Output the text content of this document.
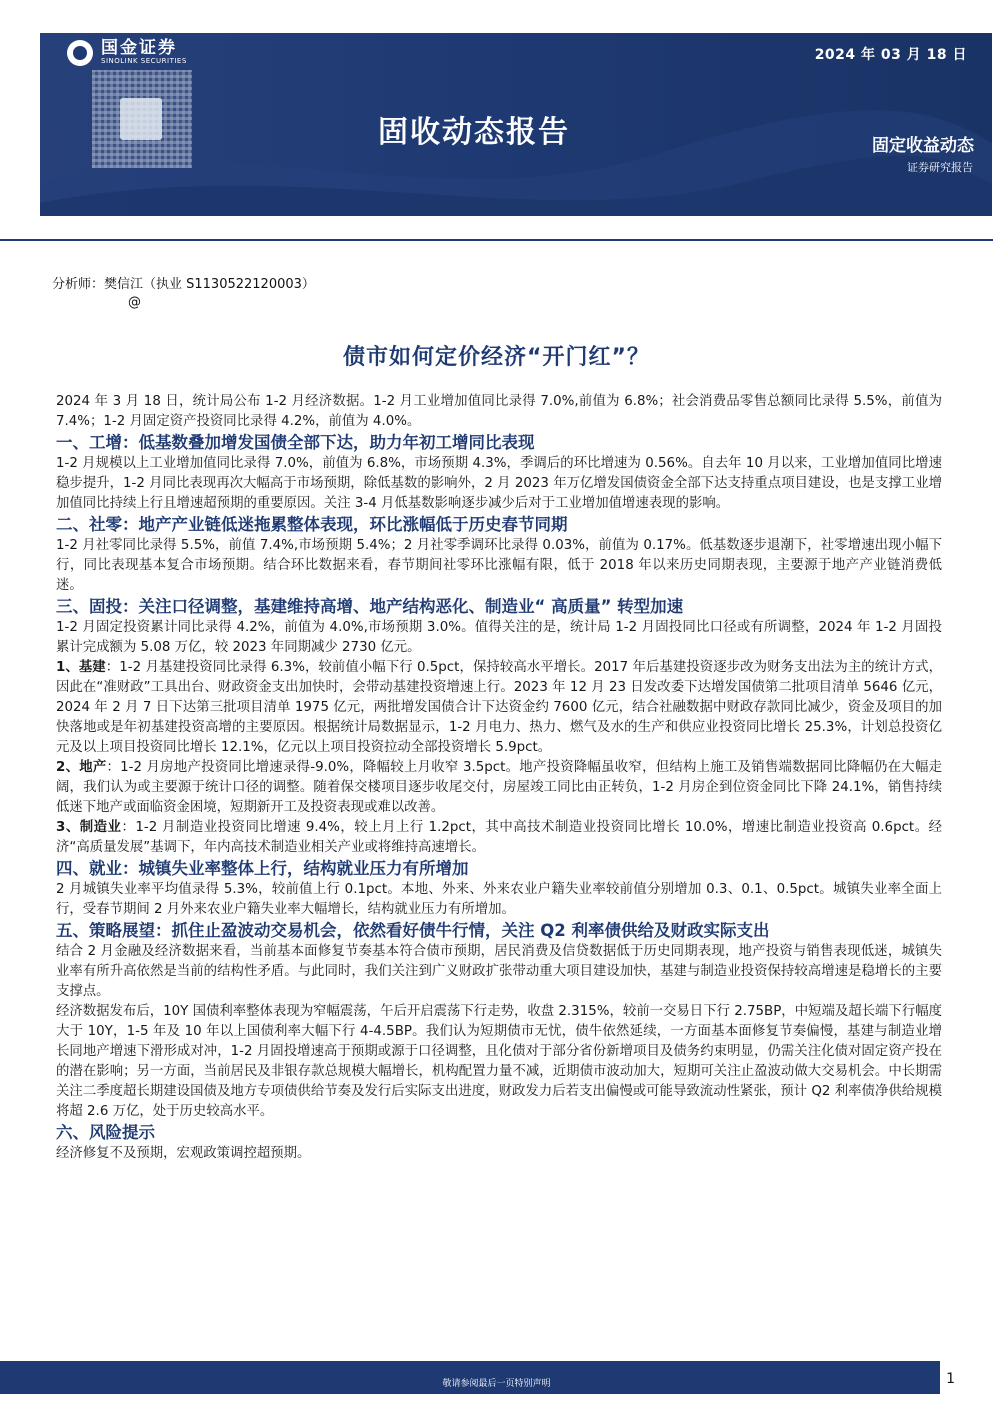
国金证券
SINOLINK SECURITIES	2024 年 03 月 18 日
固收动态报告	固定收益动态
证券研究报告
分析师：樊信江（执业 S1130522120003）
@
债市如何定价经济“开门红”？

2024 年 3 月 18 日，统计局公布 1-2 月经济数据。1-2 月工业增加值同比录得 7.0%,前值为 6.8%；社会消费品零售总额同比录得 5.5%，前值为 7.4%；1-2 月固定资产投资同比录得 4.2%，前值为 4.0%。

一、工增：低基数叠加增发国债全部下达，助力年初工增同比表现

1-2 月规模以上工业增加值同比录得 7.0%，前值为 6.8%，市场预期 4.3%，季调后的环比增速为 0.56%。自去年 10 月以来，工业增加值同比增速稳步提升，1-2 月同比表现再次大幅高于市场预期，除低基数的影响外，2 月 2023 年万亿增发国债资金全部下达支持重点项目建设，也是支撑工业增加值同比持续上行且增速超预期的重要原因。关注 3-4 月低基数影响逐步减少后对于工业增加值增速表现的影响。

二、社零：地产产业链低迷拖累整体表现，环比涨幅低于历史春节同期

1-2 月社零同比录得 5.5%，前值 7.4%,市场预期 5.4%；2 月社零季调环比录得 0.03%，前值为 0.17%。低基数逐步退潮下，社零增速出现小幅下行，同比表现基本复合市场预期。结合环比数据来看，春节期间社零环比涨幅有限，低于 2018 年以来历史同期表现，主要源于地产产业链消费低迷。

三、固投：关注口径调整，基建维持高增、地产结构恶化、制造业“ 高质量” 转型加速

1-2 月固定投资累计同比录得 4.2%，前值为 4.0%,市场预期 3.0%。值得关注的是，统计局 1-2 月固投同比口径或有所调整，2024 年 1-2 月固投累计完成额为 5.08 万亿，较 2023 年同期减少 2730 亿元。

1、基建：1-2 月基建投资同比录得 6.3%，较前值小幅下行 0.5pct，保持较高水平增长。2017 年后基建投资逐步改为财务支出法为主的统计方式，因此在“准财政”工具出台、财政资金支出加快时，会带动基建投资增速上行。2023 年 12 月 23 日发改委下达增发国债第二批项目清单 5646 亿元，2024 年 2 月 7 日下达第三批项目清单 1975 亿元，两批增发国债合计下达资金约 7600 亿元，结合社融数据中财政存款同比减少，资金及项目的加快落地或是年初基建投资高增的主要原因。根据统计局数据显示，1-2 月电力、热力、燃气及水的生产和供应业投资同比增长 25.3%，计划总投资亿元及以上项目投资同比增长 12.1%，亿元以上项目投资拉动全部投资增长 5.9pct。

2、地产：1-2 月房地产投资同比增速录得-9.0%，降幅较上月收窄 3.5pct。地产投资降幅虽收窄，但结构上施工及销售端数据同比降幅仍在大幅走阔，我们认为或主要源于统计口径的调整。随着保交楼项目逐步收尾交付，房屋竣工同比由正转负，1-2 月房企到位资金同比下降 24.1%，销售持续低迷下地产或面临资金困境，短期新开工及投资表现或难以改善。

3、制造业：1-2 月制造业投资同比增速 9.4%，较上月上行 1.2pct，其中高技术制造业投资同比增长 10.0%，增速比制造业投资高 0.6pct。经济“高质量发展”基调下，年内高技术制造业相关产业或将维持高速增长。

四、就业：城镇失业率整体上行，结构就业压力有所增加

2 月城镇失业率平均值录得 5.3%，较前值上行 0.1pct。本地、外来、外来农业户籍失业率较前值分别增加 0.3、0.1、0.5pct。城镇失业率全面上行，受春节期间 2 月外来农业户籍失业率大幅增长，结构就业压力有所增加。

五、策略展望：抓住止盈波动交易机会，依然看好债牛行情，关注 Q2 利率债供给及财政实际支出

结合 2 月金融及经济数据来看，当前基本面修复节奏基本符合债市预期，居民消费及信贷数据低于历史同期表现，地产投资与销售表现低迷，城镇失业率有所升高依然是当前的结构性矛盾。与此同时，我们关注到广义财政扩张带动重大项目建设加快，基建与制造业投资保持较高增速是稳增长的主要支撑点。

经济数据发布后，10Y 国债利率整体表现为窄幅震荡，午后开启震荡下行走势，收盘 2.315%，较前一交易日下行 2.75BP，中短端及超长端下行幅度大于 10Y，1-5 年及 10 年以上国债利率大幅下行 4-4.5BP。我们认为短期债市无忧，债牛依然延续，一方面基本面修复节奏偏慢，基建与制造业增长同地产增速下滑形成对冲，1-2 月固投增速高于预期或源于口径调整，且化债对于部分省份新增项目及债务约束明显，仍需关注化债对固定资产投在的潜在影响；另一方面，当前居民及非银存款总规模大幅增长，机构配置力量不减，近期债市波动加大，短期可关注止盈波动做大交易机会。中长期需关注二季度超长期建设国债及地方专项债供给节奏及发行后实际支出进度，财政发力后若支出偏慢或可能导致流动性紧张，预计 Q2 利率债净供给规模将超 2.6 万亿，处于历史较高水平。

六、风险提示

经济修复不及预期，宏观政策调控超预期。

敬请参阅最后一页特别声明	1
